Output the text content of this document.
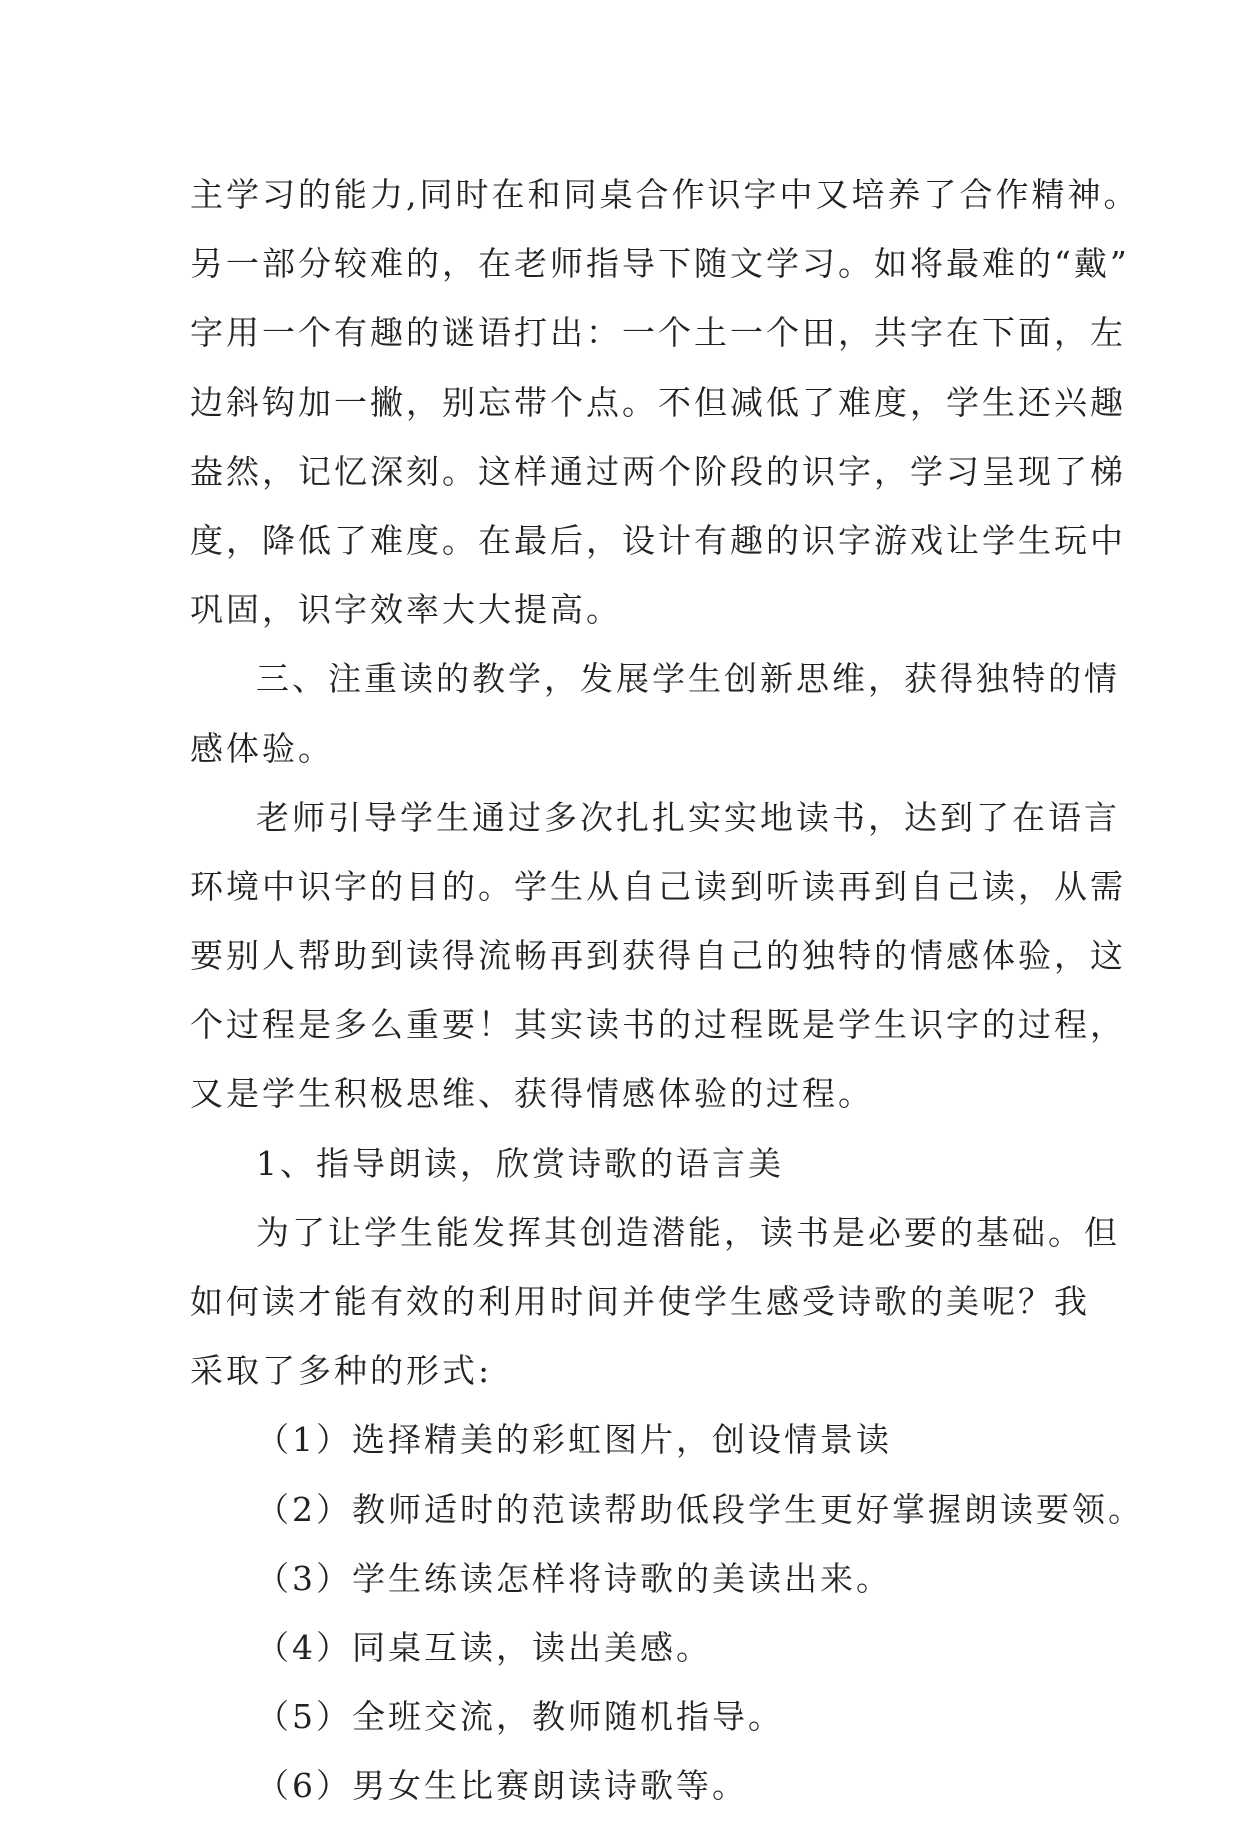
主学习的能力,同时在和同桌合作识字中又培养了合作精神。
另一部分较难的，在老师指导下随文学习。如将最难的“戴”
字用一个有趣的谜语打出：一个土一个田，共字在下面，左
边斜钩加一撇，别忘带个点。不但减低了难度，学生还兴趣
盎然，记忆深刻。这样通过两个阶段的识字，学习呈现了梯
度，降低了难度。在最后，设计有趣的识字游戏让学生玩中
巩固，识字效率大大提高。
三、注重读的教学，发展学生创新思维，获得独特的情
感体验。
老师引导学生通过多次扎扎实实地读书，达到了在语言
环境中识字的目的。学生从自己读到听读再到自己读，从需
要别人帮助到读得流畅再到获得自己的独特的情感体验，这
个过程是多么重要！其实读书的过程既是学生识字的过程，
又是学生积极思维、获得情感体验的过程。
1、指导朗读，欣赏诗歌的语言美
为了让学生能发挥其创造潜能，读书是必要的基础。但
如何读才能有效的利用时间并使学生感受诗歌的美呢？我
采取了多种的形式:
（1）选择精美的彩虹图片，创设情景读
（2）教师适时的范读帮助低段学生更好掌握朗读要领。
（3）学生练读怎样将诗歌的美读出来。
（4）同桌互读，读出美感。
（5）全班交流，教师随机指导。
（6）男女生比赛朗读诗歌等。
